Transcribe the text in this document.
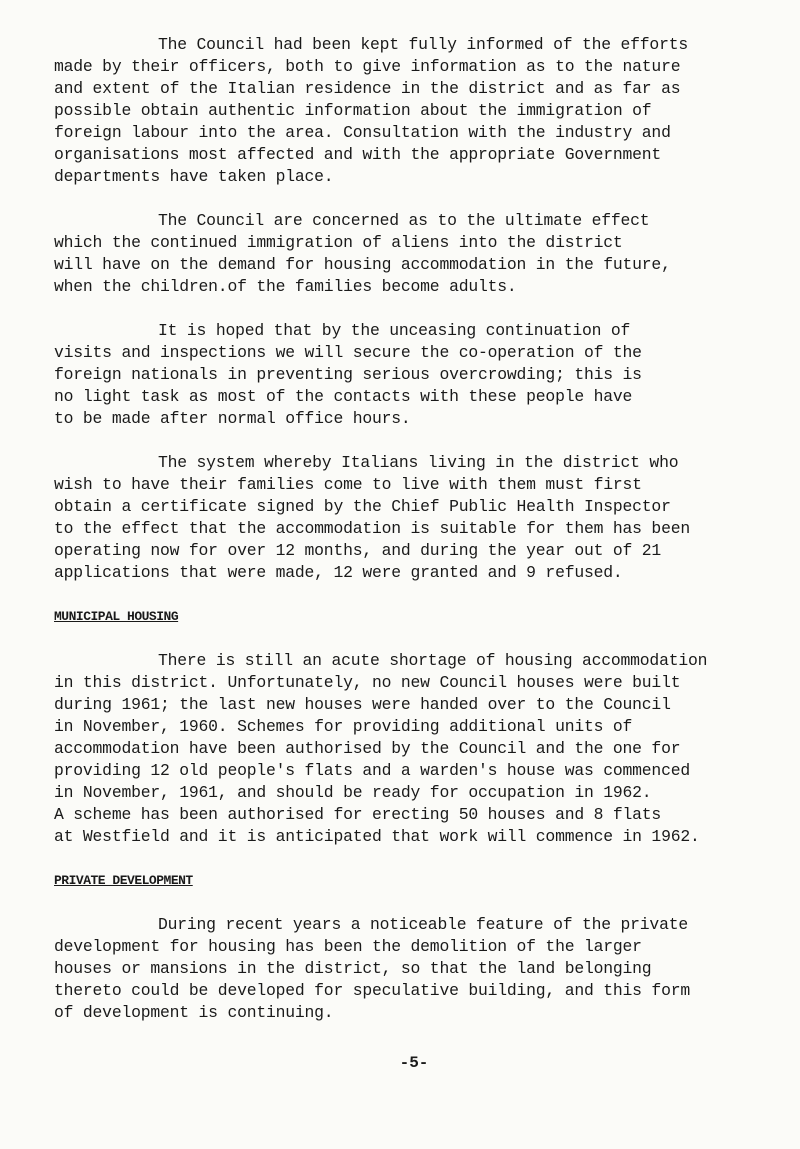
The Council had been kept fully informed of the efforts
made by their officers, both to give information as to the nature
and extent of the Italian residence in the district and as far as
possible obtain authentic information about the immigration of
foreign labour into the area. Consultation with the industry and
organisations most affected and with the appropriate Government
departments have taken place.

The Council are concerned as to the ultimate effect
which the continued immigration of aliens into the district
will have on the demand for housing accommodation in the future,
when the children.of the families become adults.

It is hoped that by the unceasing continuation of
visits and inspections we will secure the co-operation of the
foreign nationals in preventing serious overcrowding; this is
no light task as most of the contacts with these people have
to be made after normal office hours.

The system whereby Italians living in the district who
wish to have their families come to live with them must first
obtain a certificate signed by the Chief Public Health Inspector
to the effect that the accommodation is suitable for them has been
operating now for over 12 months, and during the year out of 21
applications that were made, 12 were granted and 9 refused.

MUNICIPAL HOUSING

There is still an acute shortage of housing accommodation
in this district. Unfortunately, no new Council houses were built
during 1961; the last new houses were handed over to the Council
in November, 1960. Schemes for providing additional units of
accommodation have been authorised by the Council and the one for
providing 12 old people's flats and a warden's house was commenced
in November, 1961, and should be ready for occupation in 1962.
A scheme has been authorised for erecting 50 houses and 8 flats
at Westfield and it is anticipated that work will commence in 1962.

PRIVATE DEVELOPMENT

During recent years a noticeable feature of the private
development for housing has been the demolition of the larger
houses or mansions in the district, so that the land belonging
thereto could be developed for speculative building, and this form
of development is continuing.

-5-
